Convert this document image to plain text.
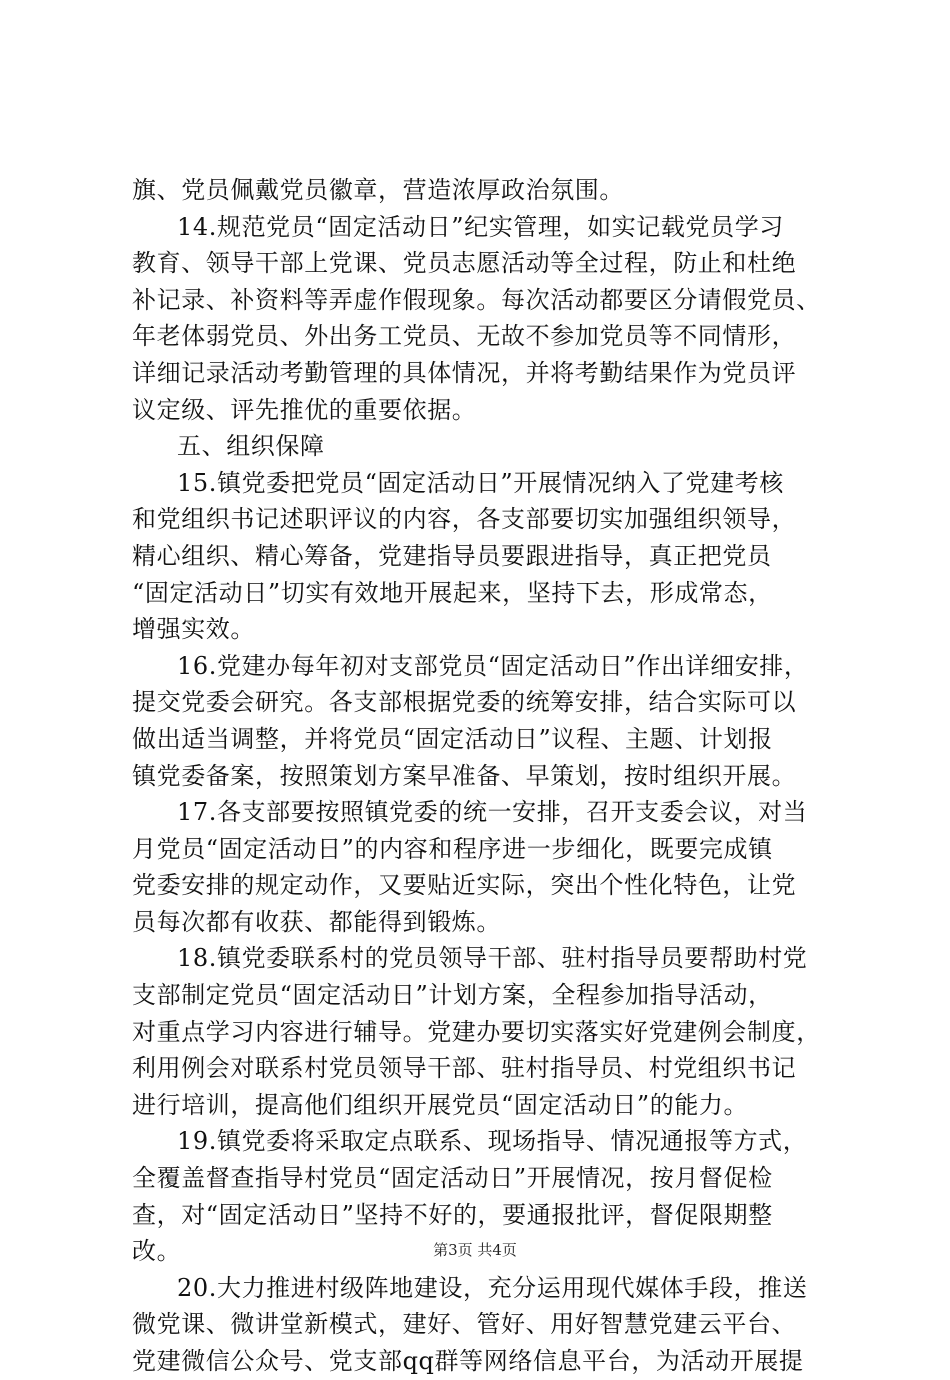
旗、党员佩戴党员徽章，营造浓厚政治氛围。
14.规范党员“固定活动日”纪实管理，如实记载党员学习
教育、领导干部上党课、党员志愿活动等全过程，防止和杜绝
补记录、补资料等弄虚作假现象。每次活动都要区分请假党员、
年老体弱党员、外出务工党员、无故不参加党员等不同情形，
详细记录活动考勤管理的具体情况，并将考勤结果作为党员评
议定级、评先推优的重要依据。
五、组织保障
15.镇党委把党员“固定活动日”开展情况纳入了党建考核
和党组织书记述职评议的内容，各支部要切实加强组织领导，
精心组织、精心筹备，党建指导员要跟进指导，真正把党员
“固定活动日”切实有效地开展起来，坚持下去，形成常态，
增强实效。
16.党建办每年初对支部党员“固定活动日”作出详细安排，
提交党委会研究。各支部根据党委的统筹安排，结合实际可以
做出适当调整，并将党员“固定活动日”议程、主题、计划报
镇党委备案，按照策划方案早准备、早策划，按时组织开展。
17.各支部要按照镇党委的统一安排，召开支委会议，对当
月党员“固定活动日”的内容和程序进一步细化，既要完成镇
党委安排的规定动作，又要贴近实际，突出个性化特色，让党
员每次都有收获、都能得到锻炼。
18.镇党委联系村的党员领导干部、驻村指导员要帮助村党
支部制定党员“固定活动日”计划方案，全程参加指导活动，
对重点学习内容进行辅导。党建办要切实落实好党建例会制度，
利用例会对联系村党员领导干部、驻村指导员、村党组织书记
进行培训，提高他们组织开展党员“固定活动日”的能力。
19.镇党委将采取定点联系、现场指导、情况通报等方式，
全覆盖督查指导村党员“固定活动日”开展情况，按月督促检
查，对“固定活动日”坚持不好的，要通报批评，督促限期整
改。
20.大力推进村级阵地建设，充分运用现代媒体手段，推送
微党课、微讲堂新模式，建好、管好、用好智慧党建云平台、
党建微信公众号、党支部qq群等网络信息平台，为活动开展提
第3页 共4页
